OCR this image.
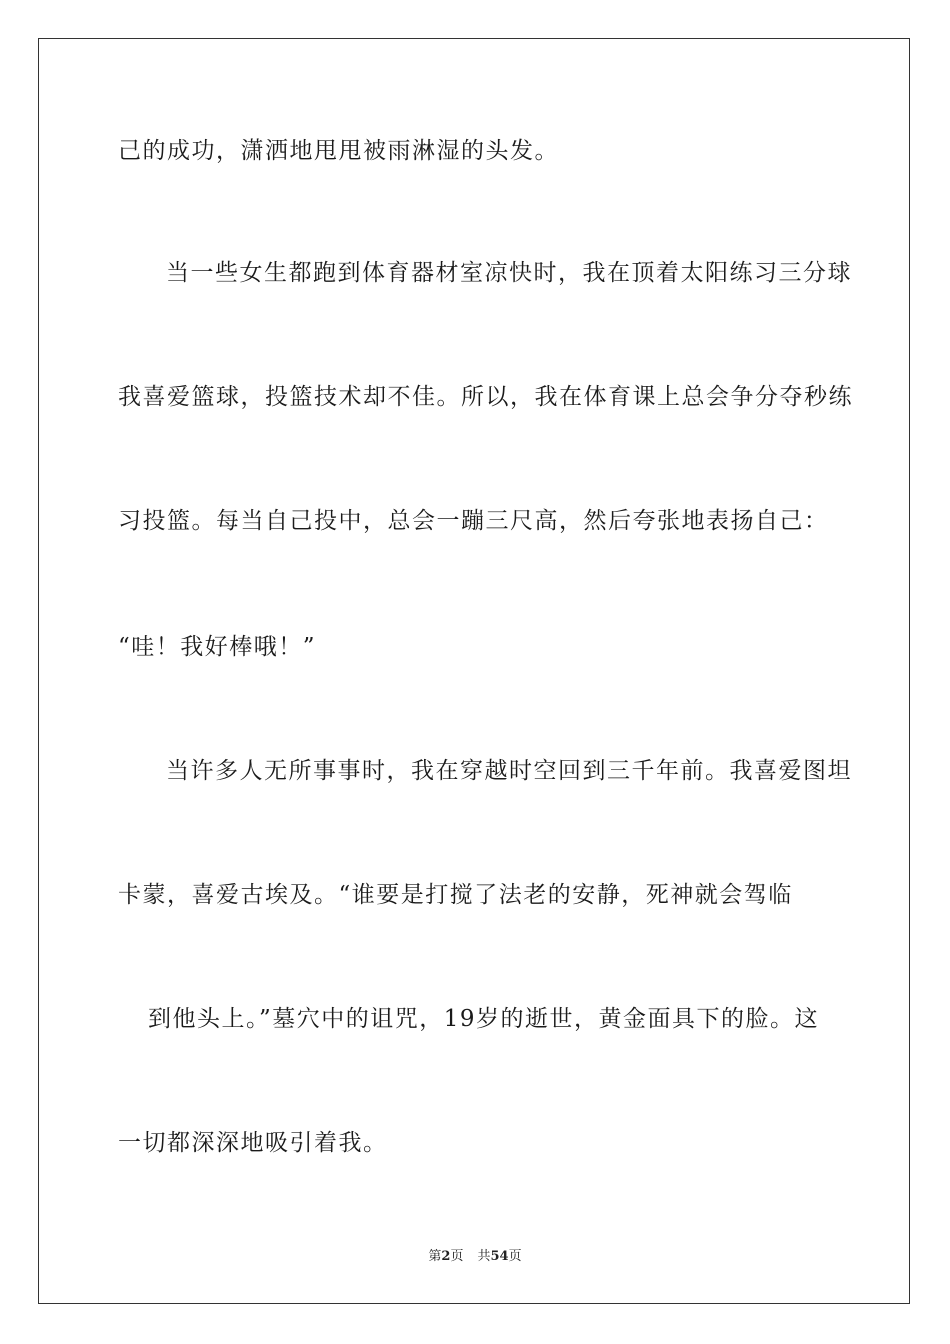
己的成功，潇洒地甩甩被雨淋湿的头发。
当一些女生都跑到体育器材室凉快时，我在顶着太阳练习三分球
我喜爱篮球，投篮技术却不佳。所以，我在体育课上总会争分夺秒练
习投篮。每当自己投中，总会一蹦三尺高，然后夸张地表扬自己：
“哇！我好棒哦！”
当许多人无所事事时，我在穿越时空回到三千年前。我喜爱图坦
卡蒙，喜爱古埃及。“谁要是打搅了法老的安静，死神就会驾临
到他头上。”墓穴中的诅咒，19岁的逝世，黄金面具下的脸。这
一切都深深地吸引着我。
第2页 共54页
